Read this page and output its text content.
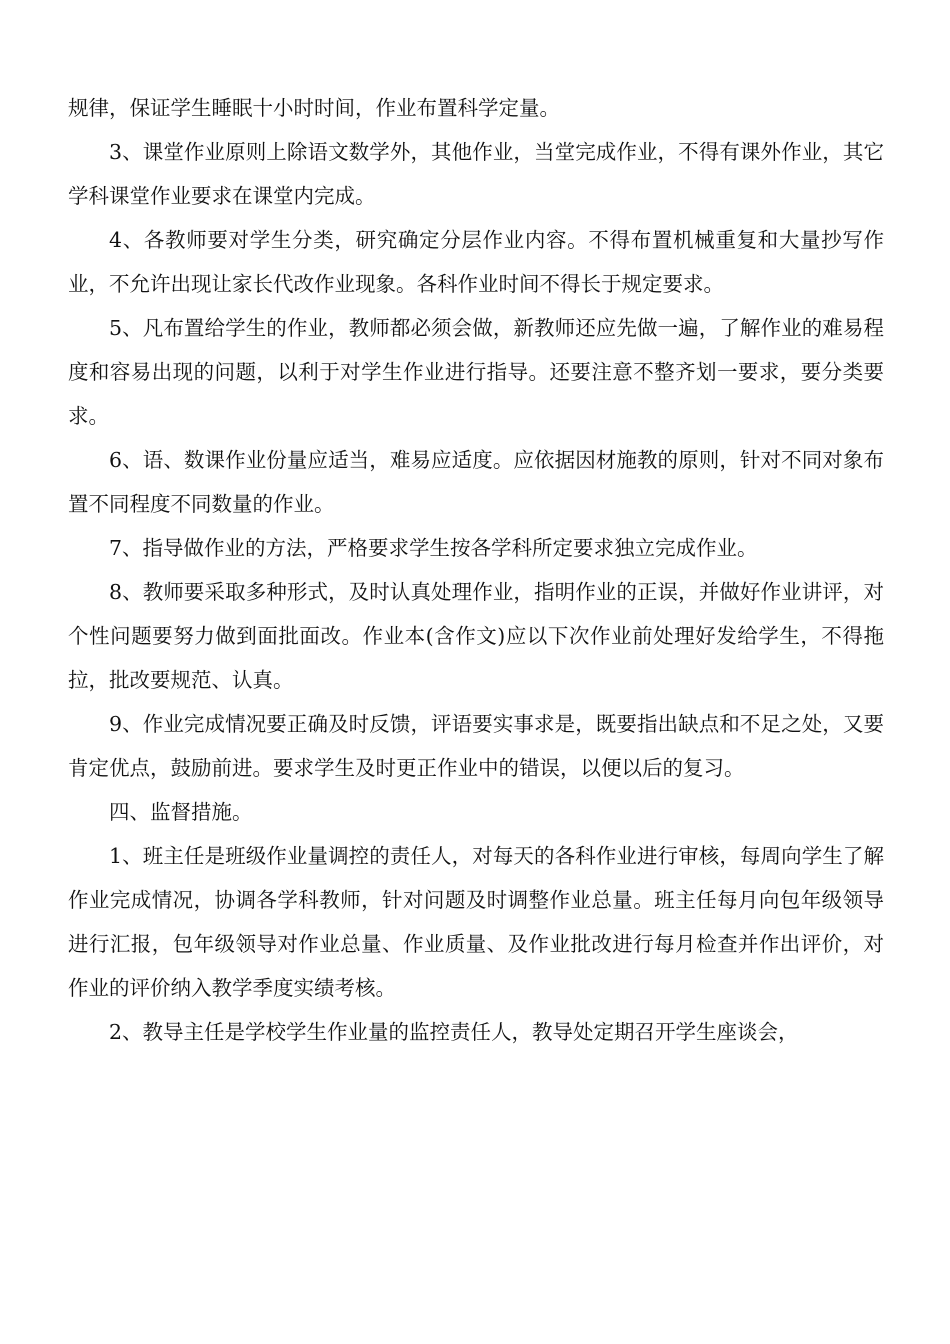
规律，保证学生睡眠十小时时间，作业布置科学定量。

3、课堂作业原则上除语文数学外，其他作业，当堂完成作业，不得有课外作业，其它学科课堂作业要求在课堂内完成。

4、各教师要对学生分类，研究确定分层作业内容。不得布置机械重复和大量抄写作业，不允许出现让家长代改作业现象。各科作业时间不得长于规定要求。

5、凡布置给学生的作业，教师都必须会做，新教师还应先做一遍，了解作业的难易程度和容易出现的问题，以利于对学生作业进行指导。还要注意不整齐划一要求，要分类要求。

6、语、数课作业份量应适当，难易应适度。应依据因材施教的原则，针对不同对象布置不同程度不同数量的作业。

7、指导做作业的方法，严格要求学生按各学科所定要求独立完成作业。

8、教师要采取多种形式，及时认真处理作业，指明作业的正误，并做好作业讲评，对个性问题要努力做到面批面改。作业本(含作文)应以下次作业前处理好发给学生，不得拖拉，批改要规范、认真。

9、作业完成情况要正确及时反馈，评语要实事求是，既要指出缺点和不足之处，又要肯定优点，鼓励前进。要求学生及时更正作业中的错误，以便以后的复习。

四、监督措施。

1、班主任是班级作业量调控的责任人，对每天的各科作业进行审核，每周向学生了解作业完成情况，协调各学科教师，针对问题及时调整作业总量。班主任每月向包年级领导进行汇报，包年级领导对作业总量、作业质量、及作业批改进行每月检查并作出评价，对作业的评价纳入教学季度实绩考核。

2、教导主任是学校学生作业量的监控责任人，教导处定期召开学生座谈会，
